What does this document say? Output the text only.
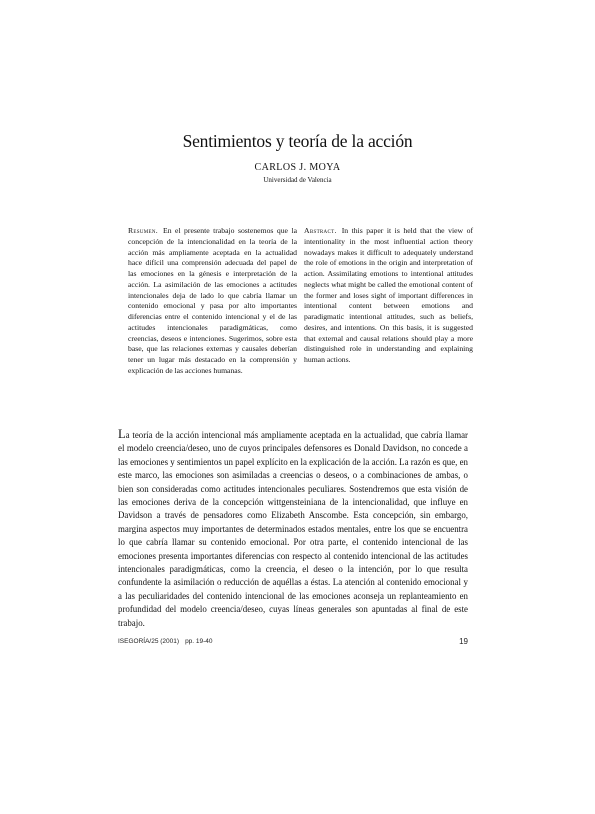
Sentimientos y teoría de la acción
CARLOS J. MOYA
Universidad de Valencia
Resumen. En el presente trabajo sostenemos que la concepción de la intencionalidad en la teoría de la acción más ampliamente aceptada en la actualidad hace difícil una comprensión adecuada del papel de las emociones en la génesis e interpretación de la acción. La asimilación de las emociones a actitudes intencionales deja de lado lo que cabría llamar un contenido emocional y pasa por alto importantes diferencias entre el contenido intencional y el de las actitudes intencionales paradigmáticas, como creencias, deseos e intenciones. Sugerimos, sobre esta base, que las relaciones externas y causales deberían tener un lugar más destacado en la comprensión y explicación de las acciones humanas.
Abstract. In this paper it is held that the view of intentionality in the most influential action theory nowadays makes it difficult to adequately understand the role of emotions in the origin and interpretation of action. Assimilating emotions to intentional attitudes neglects what might be called the emotional content of the former and loses sight of important differences in intentional content between emotions and paradigmatic intentional attitudes, such as beliefs, desires, and intentions. On this basis, it is suggested that external and causal relations should play a more distinguished role in understanding and explaining human actions.
La teoría de la acción intencional más ampliamente aceptada en la actualidad, que cabría llamar el modelo creencia/deseo, uno de cuyos principales defensores es Donald Davidson, no concede a las emociones y sentimientos un papel explícito en la explicación de la acción. La razón es que, en este marco, las emociones son asimiladas a creencias o deseos, o a combinaciones de ambas, o bien son consideradas como actitudes intencionales peculiares. Sostendremos que esta visión de las emociones deriva de la concepción wittgensteiniana de la intencionalidad, que influye en Davidson a través de pensadores como Elizabeth Anscombe. Esta concepción, sin embargo, margina aspectos muy importantes de determinados estados mentales, entre los que se encuentra lo que cabría llamar su contenido emocional. Por otra parte, el contenido intencional de las emociones presenta importantes diferencias con respecto al contenido intencional de las actitudes intencionales paradigmáticas, como la creencia, el deseo o la intención, por lo que resulta confundente la asimilación o reducción de aquéllas a éstas. La atención al contenido emocional y a las peculiaridades del contenido intencional de las emociones aconseja un replanteamiento en profundidad del modelo creencia/deseo, cuyas líneas generales son apuntadas al final de este trabajo.
ISEGORÍA/25 (2001) pp. 19-40	19
